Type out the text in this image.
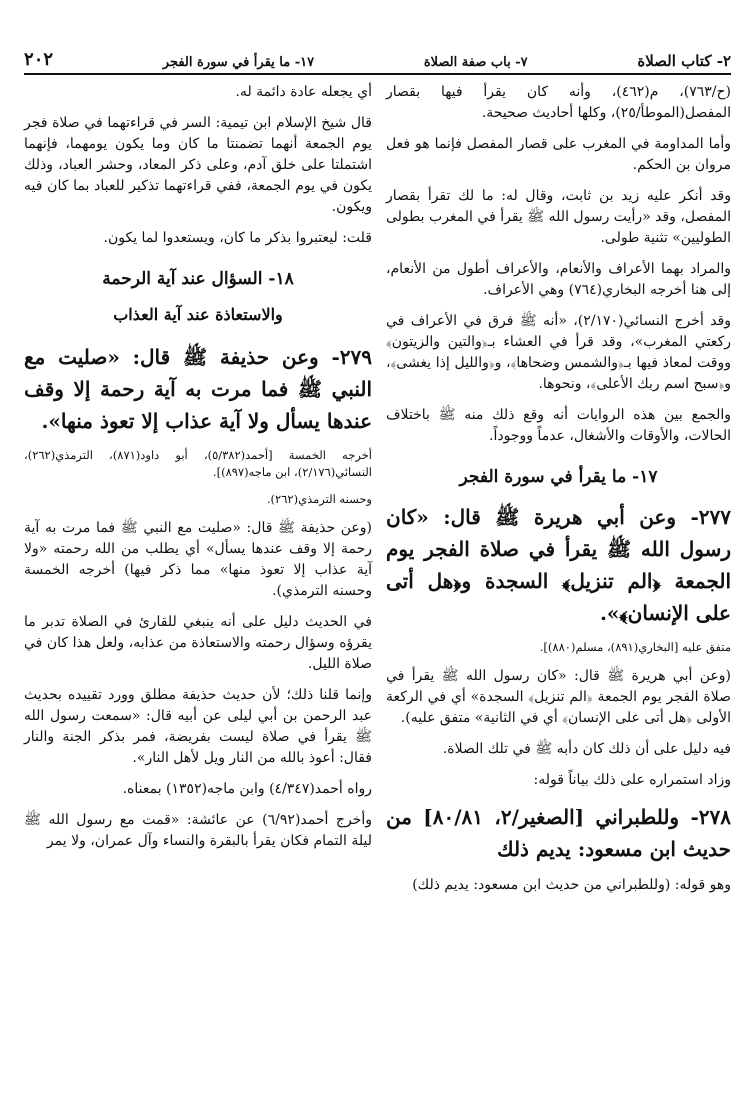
٢- كتاب الصلاة
٧- باب صفة الصلاة
١٧- ما يقرأ في سورة الفجر
٢٠٢

(ح/٧٦٣)، م(٤٦٢)، وأنه كان يقرأ فيها بقصار المفصل(الموطأ/٢٥)، وكلها أحاديث صحيحة.

وأما المداومة في المغرب على قصار المفصل فإنما هو فعل مروان بن الحكم.

وقد أنكر عليه زيد بن ثابت، وقال له: ما لك تقرأ بقصار المفصل، وقد «رأيت رسول الله ﷺ يقرأ في المغرب بطولى الطوليين» تثنية طولى.

والمراد بهما الأعراف والأنعام، والأعراف أطول من الأنعام، إلى هنا أخرجه البخاري(٧٦٤) وهي الأعراف.

وقد أخرج النسائي(٢/١٧٠)، «أنه ﷺ فرق في الأعراف في ركعتي المغرب»، وقد قرأ في العشاء بـ﴿والتين والزيتون﴾ ووقت لمعاذ فيها بـ﴿والشمس وضحاها﴾، و﴿والليل إذا يغشى﴾، و﴿سبح اسم ربك الأعلى﴾، ونحوها.

والجمع بين هذه الروايات أنه وقع ذلك منه ﷺ باختلاف الحالات، والأوقات والأشغال، عدماً ووجوداً.

١٧- ما يقرأ في سورة الفجر

٢٧٧- وعن أبي هريرة ﷺ قال: «كان رسول الله ﷺ يقرأ في صلاة الفجر يوم الجمعة ﴿الم تنزيل﴾ السجدة و﴿هل أتى على الإنسان﴾».

متفق عليه [البخاري(٨٩١)، مسلم(٨٨٠)].

(وعن أبي هريرة ﷺ قال: «كان رسول الله ﷺ يقرأ في صلاة الفجر يوم الجمعة ﴿الم تنزيل﴾ السجدة» أي في الركعة الأولى ﴿هل أتى على الإنسان﴾ أي في الثانية» متفق عليه).

فيه دليل على أن ذلك كان دأبه ﷺ في تلك الصلاة.

وزاد استمراره على ذلك بياناً قوله:

٢٧٨- وللطبراني [الصغير/٢، ٨٠/٨١] من حديث ابن مسعود: يديم ذلك

وهو قوله: (وللطبراني من حديث ابن مسعود: يديم ذلك)

أي يجعله عادة دائمة له.

قال شيخ الإسلام ابن تيمية: السر في قراءتهما في صلاة فجر يوم الجمعة أنهما تضمنتا ما كان وما يكون يومهما، فإنهما اشتملتا على خلق آدم، وعلى ذكر المعاد، وحشر العباد، وذلك يكون في يوم الجمعة، ففي قراءتهما تذكير للعباد بما كان فيه ويكون.

قلت: ليعتبروا بذكر ما كان، ويستعدوا لما يكون.

١٨- السؤال عند آية الرحمة
والاستعاذة عند آية العذاب

٢٧٩- وعن حذيفة ﷺ قال: «صليت مع النبي ﷺ فما مرت به آية رحمة إلا وقف عندها يسأل ولا آية عذاب إلا تعوذ منها».

أخرجه الخمسة [أحمد(٥/٣٨٢)، أبو داود(٨٧١)، الترمذي(٢٦٢)، النسائي(٢/١٧٦)، ابن ماجه(٨٩٧)].

وحسنه الترمذي(٢٦٢).

(وعن حذيفة ﷺ قال: «صليت مع النبي ﷺ فما مرت به آية رحمة إلا وقف عندها يسأل» أي يطلب من الله رحمته «ولا آية عذاب إلا تعوذ منها» مما ذكر فيها) أخرجه الخمسة وحسنه الترمذي).

في الحديث دليل على أنه ينبغي للقارئ في الصلاة تدبر ما يقرؤه وسؤال رحمته والاستعاذة من عذابه، ولعل هذا كان في صلاة الليل.

وإنما قلنا ذلك؛ لأن حديث حذيفة مطلق وورد تقييده بحديث عبد الرحمن بن أبي ليلى عن أبيه قال: «سمعت رسول الله ﷺ يقرأ في صلاة ليست بفريضة، فمر بذكر الجنة والنار فقال: أعوذ بالله من النار ويل لأهل النار».

رواه أحمد(٤/٣٤٧) وابن ماجه(١٣٥٢) بمعناه.

وأخرج أحمد(٦/٩٢) عن عائشة: «قمت مع رسول الله ﷺ ليلة التمام فكان يقرأ بالبقرة والنساء وآل عمران، ولا يمر
